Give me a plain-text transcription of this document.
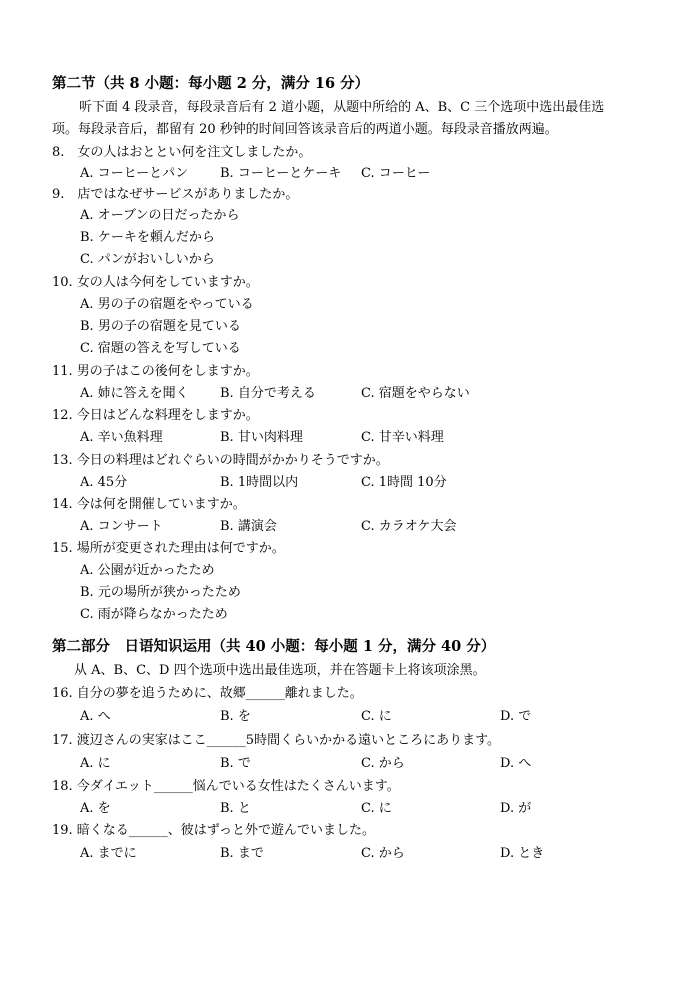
第二节（共 8 小题：每小题 2 分，满分 16 分）
听下面 4 段录音，每段录音后有 2 道小题，从题中所给的 A、B、C 三个选项中选出最佳选
项。每段录音后，都留有 20 秒钟的时间回答该录音后的两道小题。每段录音播放两遍。
8.　女の人はおととい何を注文しましたか。
A. コーヒーとパン B. コーヒーとケーキ C. コーヒー
9.　店ではなぜサービスがありましたか。
A. オーブンの日だったから
B. ケーキを頼んだから
C. パンがおいしいから
10. 女の人は今何をしていますか。
A. 男の子の宿題をやっている
B. 男の子の宿題を見ている
C. 宿題の答えを写している
11. 男の子はこの後何をしますか。
A. 姉に答えを聞く B. 自分で考える	C. 宿題をやらない
12. 今日はどんな料理をしますか。
A. 辛い魚料理	B. 甘い肉料理	C. 甘辛い料理
13. 今日の料理はどれぐらいの時間がかかりそうですか。
A. 45分	B. 1時間以内	C. 1時間 10分
14. 今は何を開催していますか。
A. コンサート	B. 講演会	C. カラオケ大会
15. 場所が変更された理由は何ですか。
A. 公園が近かったため
B. 元の場所が狭かったため
C. 雨が降らなかったため
第二部分　日语知识运用（共 40 小题：每小题 1 分，满分 40 分）
从 A、B、C、D 四个选项中选出最佳选项，并在答题卡上将该项涂黑。
16. 自分の夢を追うために、故郷______離れました。
A. へ	B. を	C. に	D. で
17. 渡辺さんの実家はここ______5時間くらいかかる遠いところにあります。
A. に	B. で	C. から	D. へ
18. 今ダイエット______悩んでいる女性はたくさんいます。
A. を	B. と	C. に	D. が
19. 暗くなる______、彼はずっと外で遊んでいました。
A. までに	B. まで	C. から	D. とき
